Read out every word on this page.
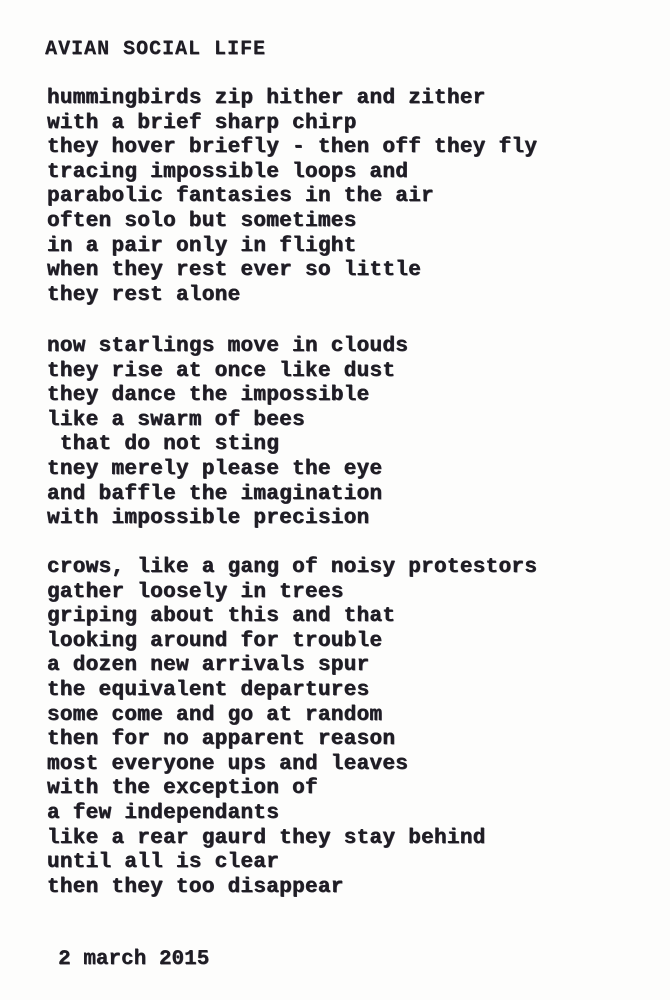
AVIAN SOCIAL LIFE
hummingbirds zip hither and zither
with a brief sharp chirp
they hover briefly - then off they fly
tracing impossible loops and
parabolic fantasies in the air
often solo but sometimes
in a pair only in flight
when they rest ever so little
they rest alone
now starlings move in clouds
they rise at once like dust
they dance the impossible
like a swarm of bees
that do not sting
tney merely please the eye
and baffle the imagination
with impossible precision
crows, like a gang of noisy protestors
gather loosely in trees
griping about this and that
looking around for trouble
a dozen new arrivals spur
the equivalent departures
some come and go at random
then for no apparent reason
most everyone ups and leaves
with the exception of
a few independants
like a rear gaurd they stay behind
until all is clear
then they too disappear
2 march 2015
